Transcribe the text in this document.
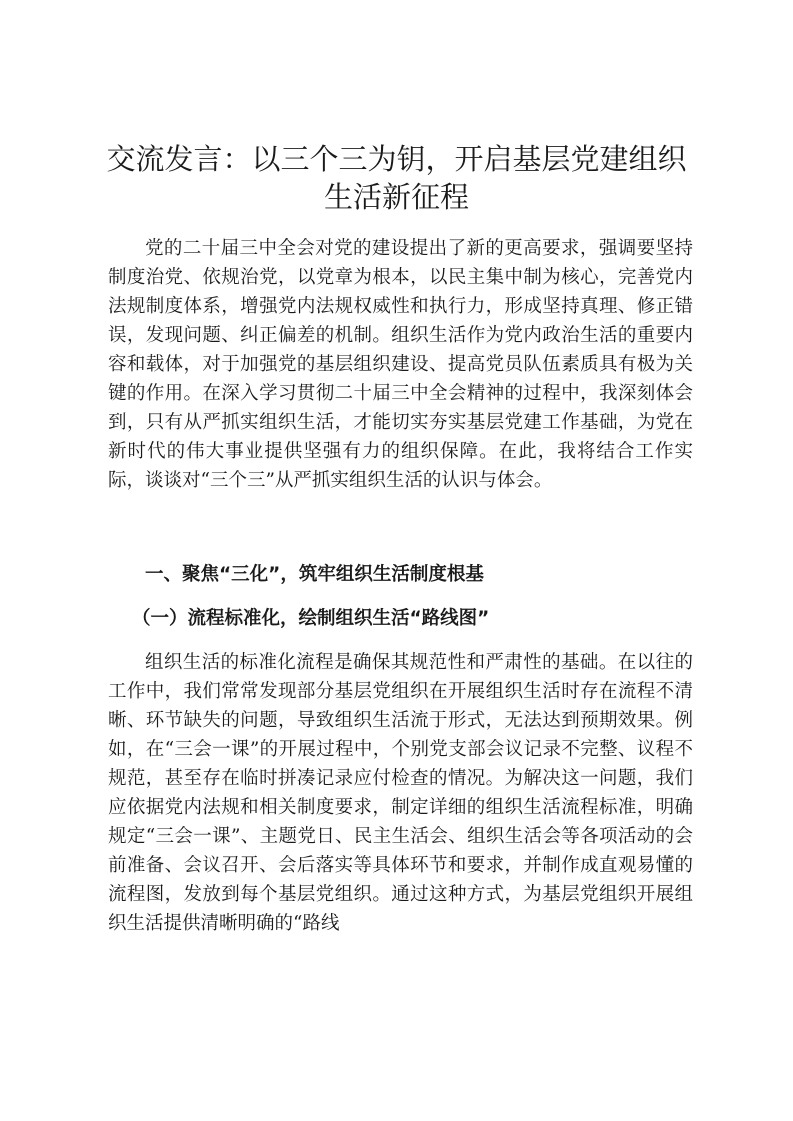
交流发言：以三个三为钥，开启基层党建组织
生活新征程

党的二十届三中全会对党的建设提出了新的更高要求，强调要坚持制度治党、依规治党，以党章为根本，以民主集中制为核心，完善党内法规制度体系，增强党内法规权威性和执行力，形成坚持真理、修正错误，发现问题、纠正偏差的机制。组织生活作为党内政治生活的重要内容和载体，对于加强党的基层组织建设、提高党员队伍素质具有极为关键的作用。在深入学习贯彻二十届三中全会精神的过程中，我深刻体会到，只有从严抓实组织生活，才能切实夯实基层党建工作基础，为党在新时代的伟大事业提供坚强有力的组织保障。在此，我将结合工作实际，谈谈对“三个三”从严抓实组织生活的认识与体会。

一、聚焦“三化”，筑牢组织生活制度根基
（一）流程标准化，绘制组织生活“路线图”

组织生活的标准化流程是确保其规范性和严肃性的基础。在以往的工作中，我们常常发现部分基层党组织在开展组织生活时存在流程不清晰、环节缺失的问题，导致组织生活流于形式，无法达到预期效果。例如，在“三会一课”的开展过程中，个别党支部会议记录不完整、议程不规范，甚至存在临时拼凑记录应付检查的情况。为解决这一问题，我们应依据党内法规和相关制度要求，制定详细的组织生活流程标准，明确规定“三会一课”、主题党日、民主生活会、组织生活会等各项活动的会前准备、会议召开、会后落实等具体环节和要求，并制作成直观易懂的流程图，发放到每个基层党组织。通过这种方式，为基层党组织开展组织生活提供清晰明确的“路线
